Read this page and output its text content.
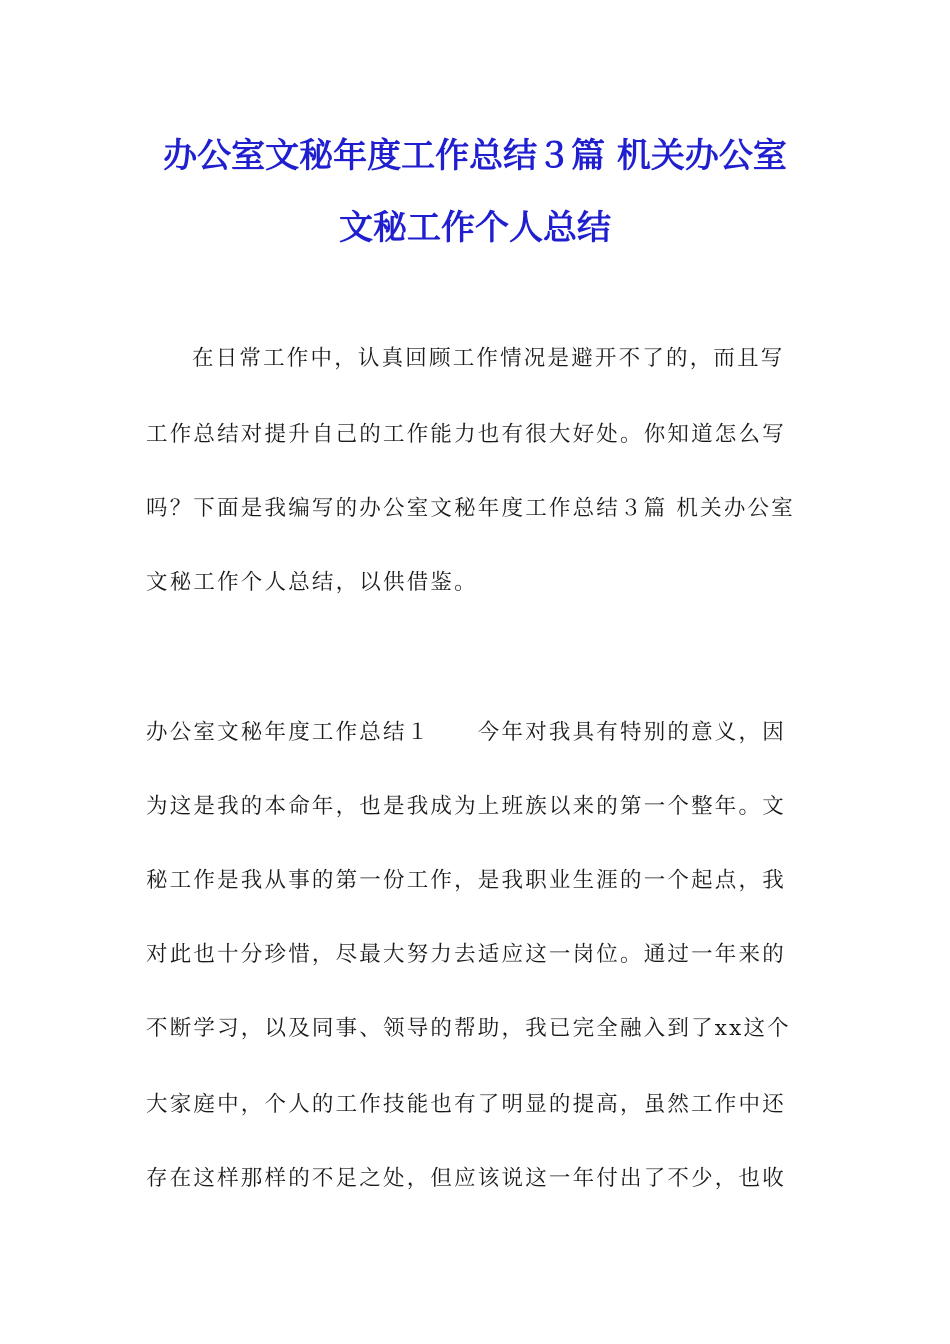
办公室文秘年度工作总结３篇 机关办公室
文秘工作个人总结
在日常工作中，认真回顾工作情况是避开不了的，而且写
工作总结对提升自己的工作能力也有很大好处。你知道怎么写
吗？下面是我编写的办公室文秘年度工作总结３篇 机关办公室
文秘工作个人总结，以供借鉴。
办公室文秘年度工作总结１　　今年对我具有特别的意义，因
为这是我的本命年，也是我成为上班族以来的第一个整年。文
秘工作是我从事的第一份工作，是我职业生涯的一个起点，我
对此也十分珍惜，尽最大努力去适应这一岗位。通过一年来的
不断学习，以及同事、领导的帮助，我已完全融入到了xx这个
大家庭中，个人的工作技能也有了明显的提高，虽然工作中还
存在这样那样的不足之处，但应该说这一年付出了不少，也收
